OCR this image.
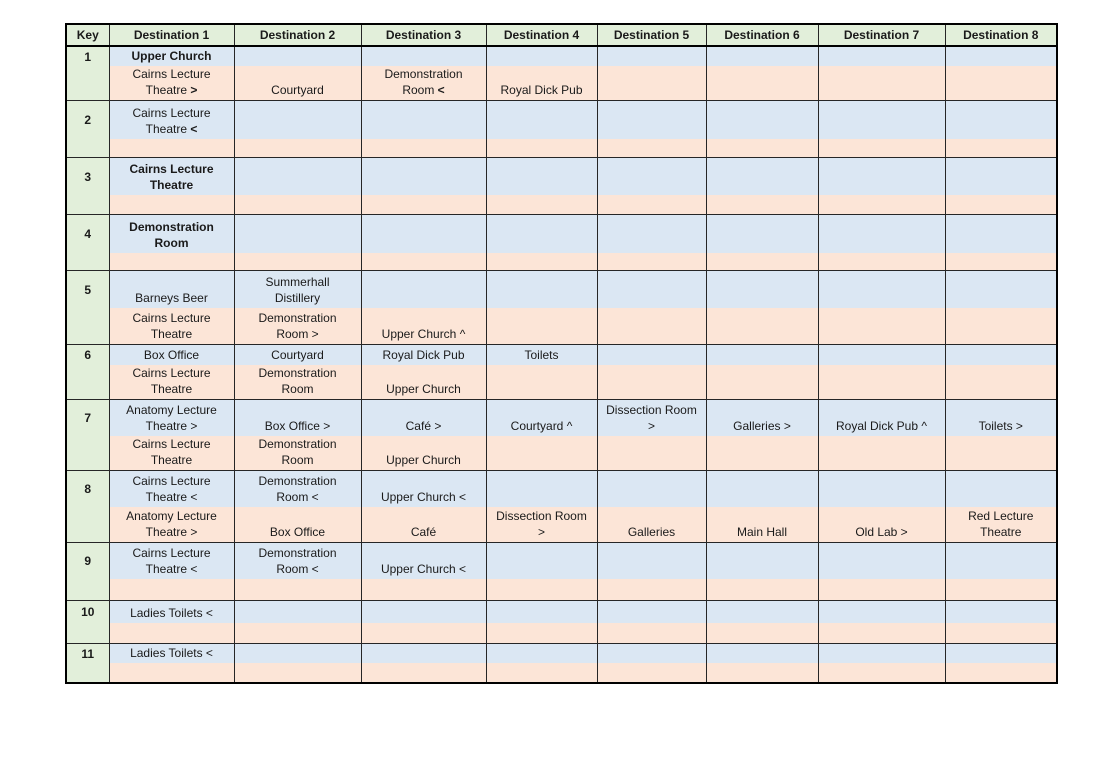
Key	Destination 1	Destination 2	Destination 3	Destination 4	Destination 5	Destination 6	Destination 7	Destination 8

1	Upper Church							
	Cairns Lecture Theatre >	Courtyard	Demonstration Room <	Royal Dick Pub				

2	Cairns Lecture Theatre <							

3	Cairns Lecture Theatre							

4	Demonstration Room							

5	Barneys Beer	Summerhall Distillery						
	Cairns Lecture Theatre	Demonstration Room >	Upper Church ^					

6	Box Office	Courtyard	Royal Dick Pub	Toilets				
	Cairns Lecture Theatre	Demonstration Room	Upper Church					

7	Anatomy Lecture Theatre >	Box Office >	Café >	Courtyard ^	Dissection Room >	Galleries >	Royal Dick Pub ^	Toilets >
	Cairns Lecture Theatre	Demonstration Room	Upper Church					

8	Cairns Lecture Theatre <	Demonstration Room <	Upper Church <					
	Anatomy Lecture Theatre >	Box Office	Café	Dissection Room >	Galleries	Main Hall	Old Lab >	Red Lecture Theatre

9	Cairns Lecture Theatre <	Demonstration Room <	Upper Church <					

10	Ladies Toilets <							

11	Ladies Toilets <							
